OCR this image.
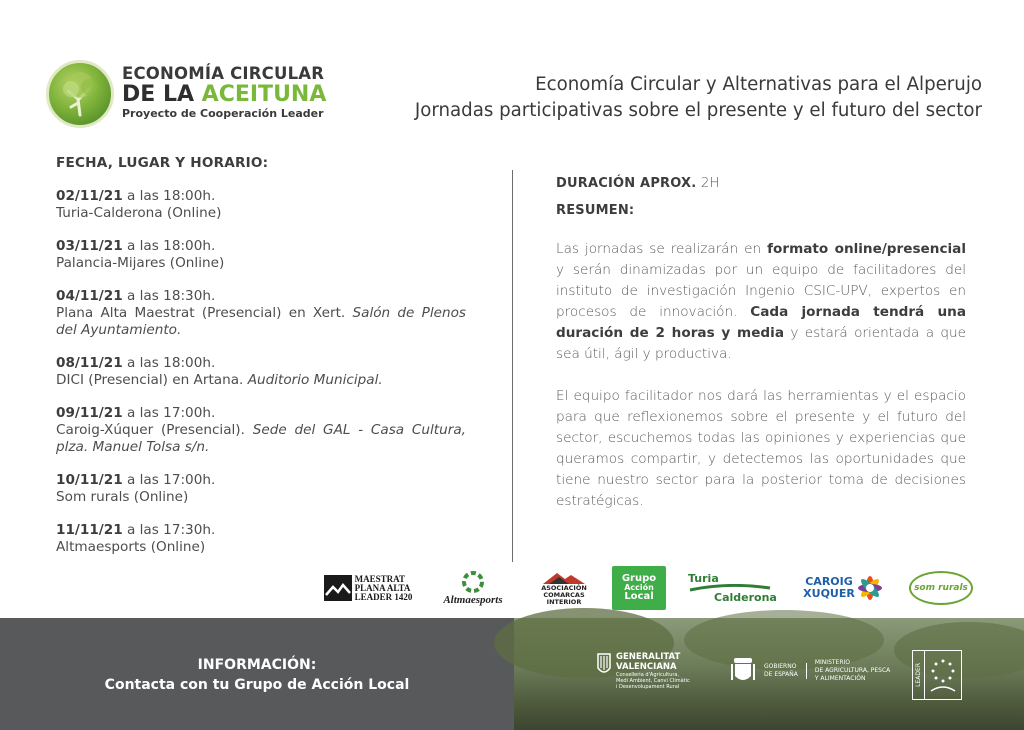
ECONOMÍA CIRCULAR
DE LA ACEITUNA
Proyecto de Cooperación Leader
Economía Circular y Alternativas para el Alperujo
Jornadas participativas sobre el presente y el futuro del sector
FECHA, LUGAR Y HORARIO:
02/11/21 a las 18:00h.
Turia-Calderona (Online)
03/11/21 a las 18:00h.
Palancia-Mijares (Online)
04/11/21 a las 18:30h.
Plana Alta Maestrat (Presencial) en Xert. Salón de Plenos del Ayuntamiento.
08/11/21 a las 18:00h.
DICI (Presencial) en Artana. Auditorio Municipal.
09/11/21 a las 17:00h.
Caroig-Xúquer (Presencial). Sede del GAL - Casa Cultura, plza. Manuel Tolsa s/n.
10/11/21 a las 17:00h.
Som rurals (Online)
11/11/21 a las 17:30h.
Altmaesports (Online)
DURACIÓN APROX. 2H
RESUMEN:

Las jornadas se realizarán en formato online/presencial y serán dinamizadas por un equipo de facilitadores del instituto de investigación Ingenio CSIC-UPV, expertos en procesos de innovación. Cada jornada tendrá una duración de 2 horas y media y estará orientada a que sea útil, ágil y productiva.

El equipo facilitador nos dará las herramientas y el espacio para que reflexionemos sobre el presente y el futuro del sector, escuchemos todas las opiniones y experiencias que queramos compartir, y detectemos las oportunidades que tiene nuestro sector para la posterior toma de decisiones estratégicas.

MAESTRAT
PLANA ALTA
LEADER 1420	Altmaesports
ASOCIACIÓN
COMARCAS
INTERIOR
Grupo
Acción
Local
Turia
Calderona
CAROIG
XUQUER	som rurals
INFORMACIÓN:
Contacta con tu Grupo de Acción Local
GENERALITAT
VALENCIANA
Conselleria d'Agricultura,
Medi Ambient, Canvi Climàtic
i Desenvolupament Rural
GOBIERNO
DE ESPAÑA
MINISTERIO
DE AGRICULTURA, PESCA
Y ALIMENTACIÓN	LEADER
